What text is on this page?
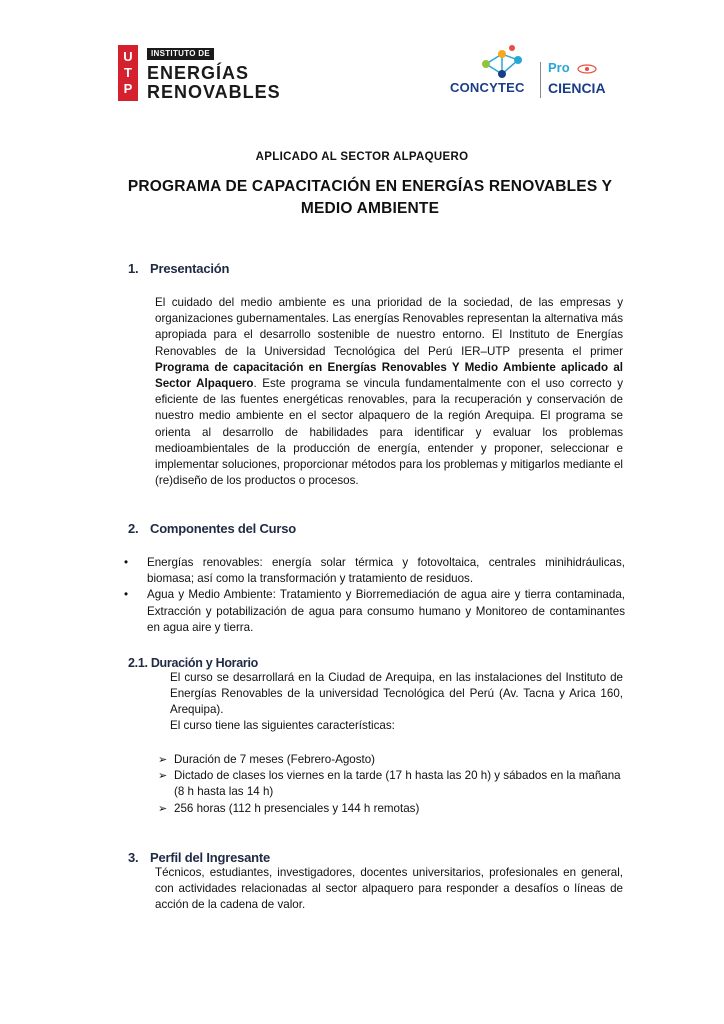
U
T
P
INSTITUTO DE
ENERGÍAS
RENOVABLES	CONCYTEC
Pro
CIENCIA
APLICADO AL SECTOR ALPAQUERO
PROGRAMA DE CAPACITACIÓN EN ENERGÍAS RENOVABLES Y MEDIO AMBIENTE
1. Presentación

El cuidado del medio ambiente es una prioridad de la sociedad, de las empresas y organizaciones gubernamentales. Las energías Renovables representan la alternativa más apropiada para el desarrollo sostenible de nuestro entorno. El Instituto de Energías Renovables de la Universidad Tecnológica del Perú IER–UTP presenta el primer Programa de capacitación en Energías Renovables Y Medio Ambiente aplicado al Sector Alpaquero. Este programa se vincula fundamentalmente con el uso correcto y eficiente de las fuentes energéticas renovables, para la recuperación y conservación de nuestro medio ambiente en el sector alpaquero de la región Arequipa. El programa se orienta al desarrollo de habilidades para identificar y evaluar los problemas medioambientales de la producción de energía, entender y proponer, seleccionar e implementar soluciones, proporcionar métodos para los problemas y mitigarlos mediante el (re)diseño de los productos o procesos.

2. Componentes del Curso
• Energías renovables: energía solar térmica y fotovoltaica, centrales minihidráulicas, biomasa; así como la transformación y tratamiento de residuos.
• Agua y Medio Ambiente: Tratamiento y Biorremediación de agua aire y tierra contaminada, Extracción y potabilización de agua para consumo humano y Monitoreo de contaminantes en agua aire y tierra.
2.1. Duración y Horario

El curso se desarrollará en la Ciudad de Arequipa, en las instalaciones del Instituto de Energías Renovables de la universidad Tecnológica del Perú (Av. Tacna y Arica 160, Arequipa).

El curso tiene las siguientes características:

➢ Duración de 7 meses (Febrero-Agosto)
➢ Dictado de clases los viernes en la tarde (17 h hasta las 20 h) y sábados en la mañana (8 h hasta las 14 h)
➢ 256 horas (112 h presenciales y 144 h remotas)
3. Perfil del Ingresante

Técnicos, estudiantes, investigadores, docentes universitarios, profesionales en general, con actividades relacionadas al sector alpaquero para responder a desafíos o líneas de acción de la cadena de valor.
